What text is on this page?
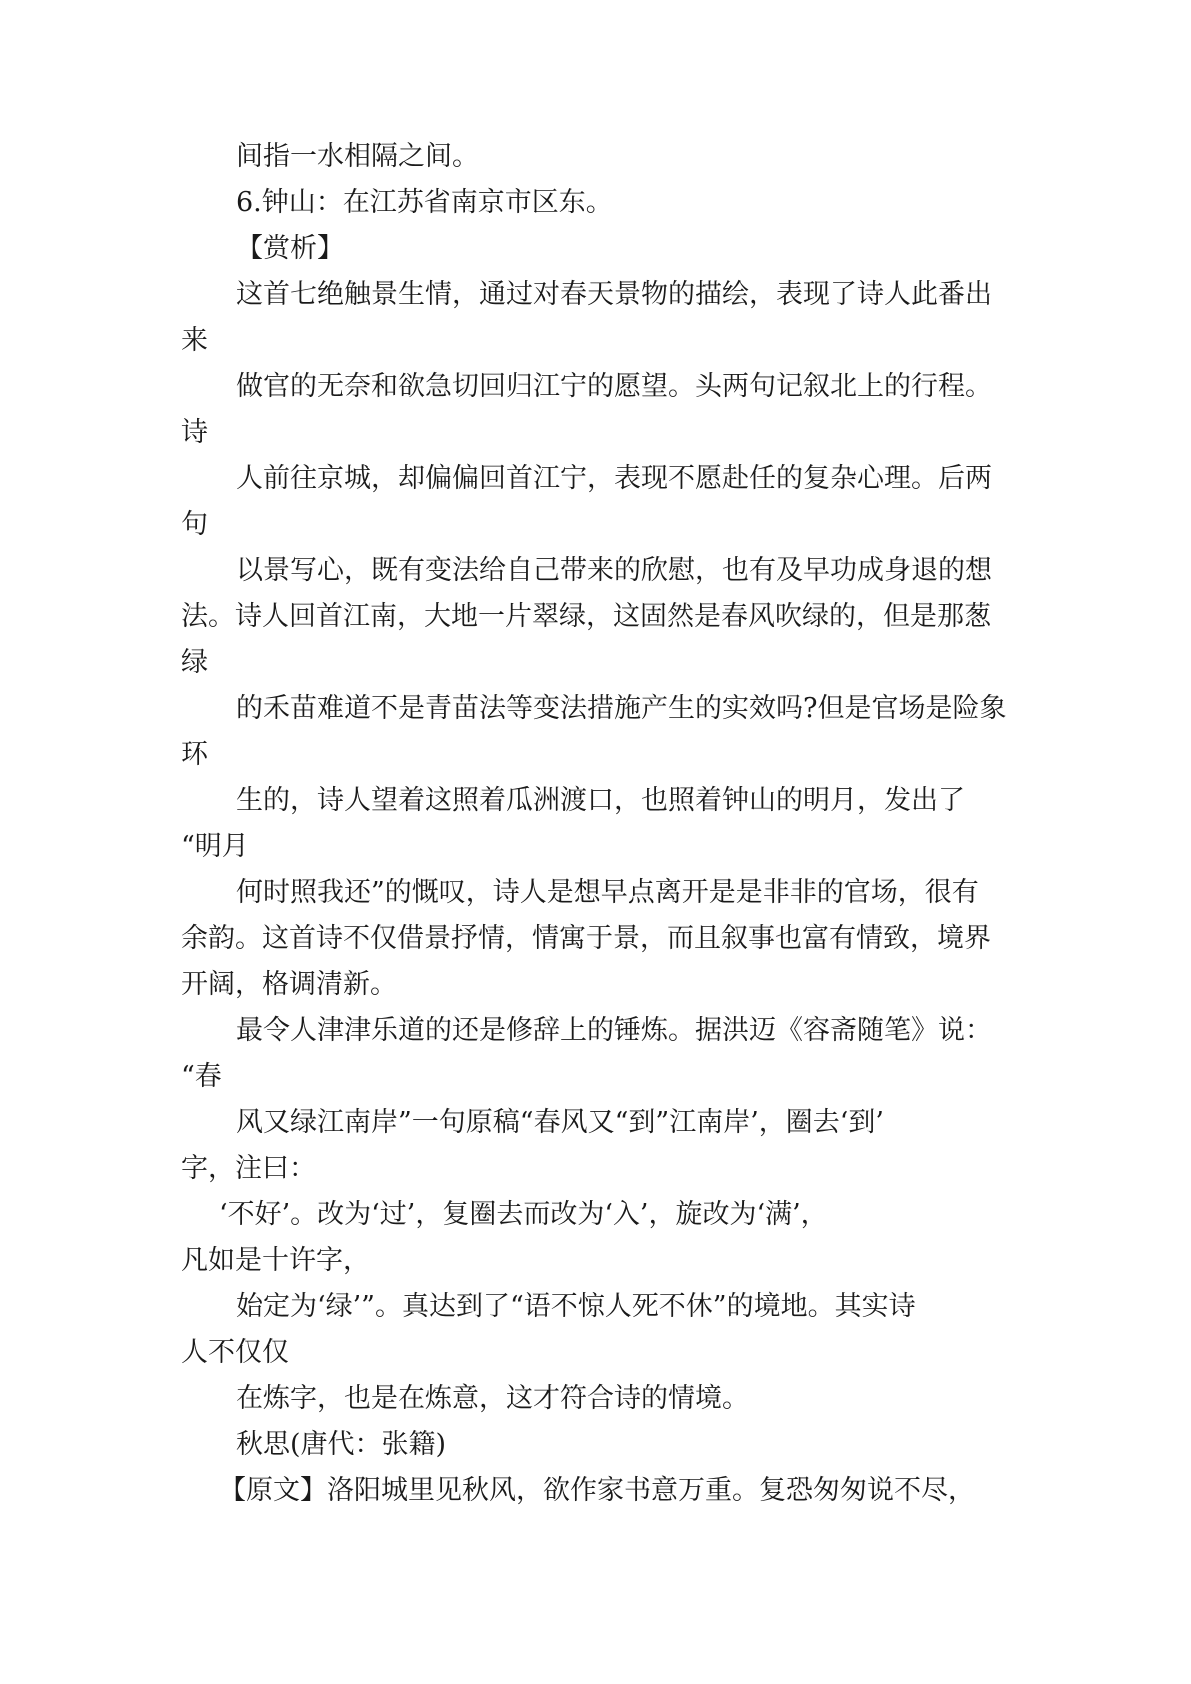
间指一水相隔之间。
6.钟山：在江苏省南京市区东。
【赏析】
这首七绝触景生情，通过对春天景物的描绘，表现了诗人此番出
来
做官的无奈和欲急切回归江宁的愿望。头两句记叙北上的行程。
诗
人前往京城，却偏偏回首江宁，表现不愿赴任的复杂心理。后两
句
以景写心，既有变法给自己带来的欣慰，也有及早功成身退的想
法。诗人回首江南，大地一片翠绿，这固然是春风吹绿的，但是那葱
绿
的禾苗难道不是青苗法等变法措施产生的实效吗?但是官场是险象
环
生的，诗人望着这照着瓜洲渡口，也照着钟山的明月，发出了
“明月
何时照我还”的慨叹，诗人是想早点离开是是非非的官场，很有
余韵。这首诗不仅借景抒情，情寓于景，而且叙事也富有情致，境界
开阔，格调清新。
最令人津津乐道的还是修辞上的锤炼。据洪迈《容斋随笔》说：
“春
风又绿江南岸”一句原稿“春风又“到”江南岸’，圈去‘到’
字，注曰：
‘不好’。改为‘过’，复圈去而改为‘入’，旋改为‘满’，
凡如是十许字，
始定为‘绿’”。真达到了“语不惊人死不休”的境地。其实诗
人不仅仅
在炼字，也是在炼意，这才符合诗的情境。
秋思(唐代：张籍)
【原文】洛阳城里见秋风，欲作家书意万重。复恐匆匆说不尽，
